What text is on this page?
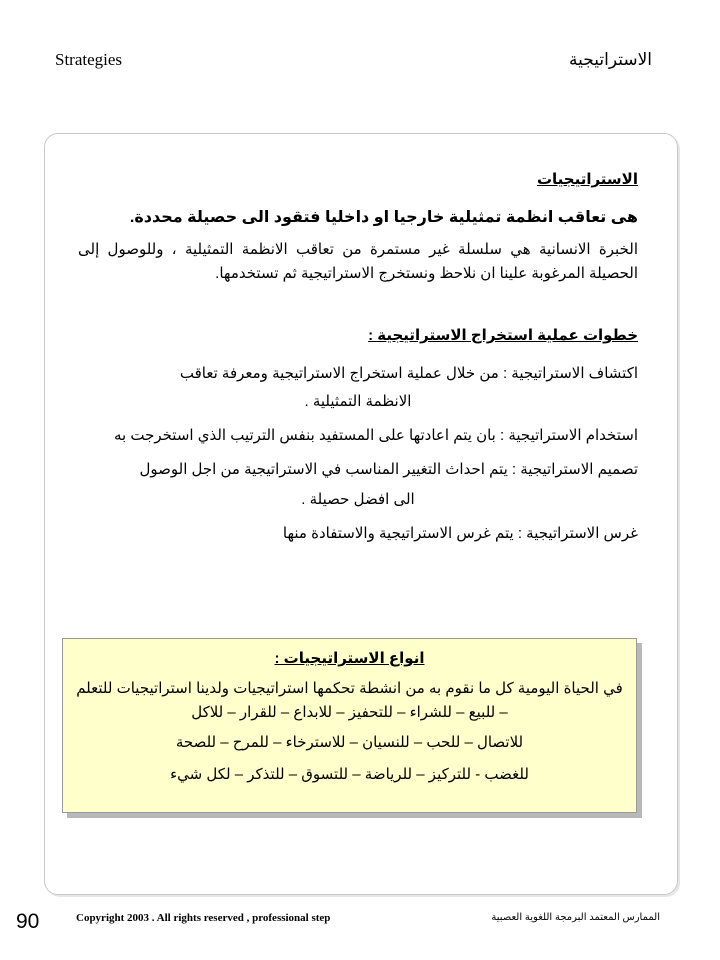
Strategies	الاستراتيجية

الاستراتيجيات

هى تعاقب انظمة تمثيلية خارجيا او داخليا فتقود الى حصيلة محددة.

الخبرة الانسانية هي سلسلة غير مستمرة من تعاقب الانظمة التمثيلية ، وللوصول إلى الحصيلة المرغوبة علينا ان نلاحظ ونستخرج الاستراتيجية ثم تستخدمها.

خطوات عملية استخراج الاستراتيجية :

اكتشاف الاستراتيجية : من خلال عملية استخراج الاستراتيجية ومعرفة تعاقب

الانظمة التمثيلية .

استخدام الاستراتيجية : بان يتم اعادتها على المستفيد بنفس الترتيب الذي استخرجت به

تصميم الاستراتيجية : يتم احداث التغيير المناسب في الاستراتيجية من اجل الوصول

الى افضل حصيلة .

غرس الاستراتيجية : يتم غرس الاستراتيجية والاستفادة منها

انواع الاستراتيجيات :

في الحياة اليومية كل ما نقوم به من انشطة تحكمها استراتيجيات ولدينا استراتيجيات للتعلم – للبيع – للشراء – للتحفيز – للابداع – للقرار – للاكل

للاتصال – للحب – للنسيان – للاسترخاء – للمرح – للصحة

للغضب - للتركيز – للرياضة – للتسوق – للتذكر – لكل شيء

90	Copyright 2003 . All rights reserved , professional step	الممارس المعتمد البرمجة اللغوية العصبية
